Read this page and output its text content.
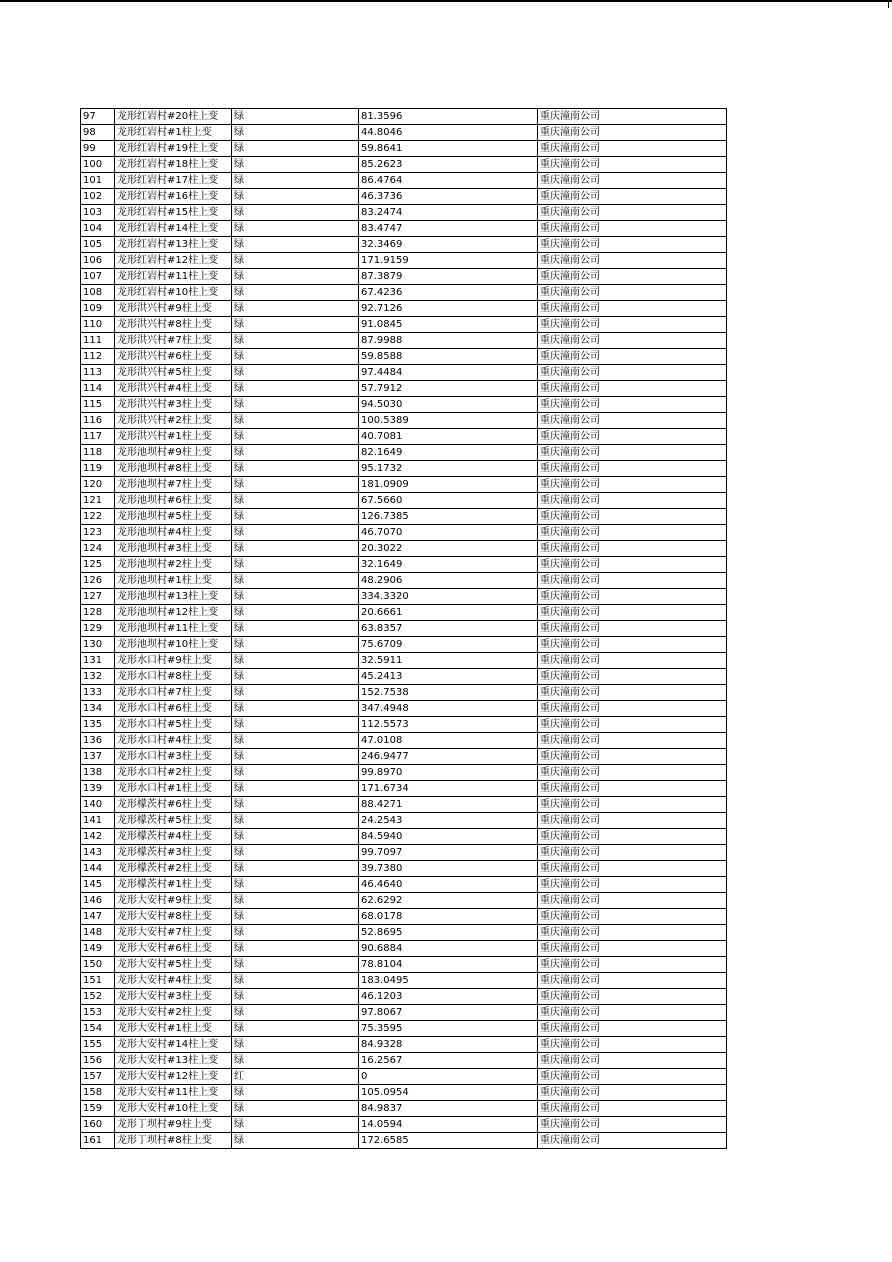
97	龙形红岩村#20柱上变	绿	81.3596	重庆潼南公司
98	龙形红岩村#1柱上变	绿	44.8046	重庆潼南公司
99	龙形红岩村#19柱上变	绿	59.8641	重庆潼南公司
100	龙形红岩村#18柱上变	绿	85.2623	重庆潼南公司
101	龙形红岩村#17柱上变	绿	86.4764	重庆潼南公司
102	龙形红岩村#16柱上变	绿	46.3736	重庆潼南公司
103	龙形红岩村#15柱上变	绿	83.2474	重庆潼南公司
104	龙形红岩村#14柱上变	绿	83.4747	重庆潼南公司
105	龙形红岩村#13柱上变	绿	32.3469	重庆潼南公司
106	龙形红岩村#12柱上变	绿	171.9159	重庆潼南公司
107	龙形红岩村#11柱上变	绿	87.3879	重庆潼南公司
108	龙形红岩村#10柱上变	绿	67.4236	重庆潼南公司
109	龙形洪兴村#9柱上变	绿	92.7126	重庆潼南公司
110	龙形洪兴村#8柱上变	绿	91.0845	重庆潼南公司
111	龙形洪兴村#7柱上变	绿	87.9988	重庆潼南公司
112	龙形洪兴村#6柱上变	绿	59.8588	重庆潼南公司
113	龙形洪兴村#5柱上变	绿	97.4484	重庆潼南公司
114	龙形洪兴村#4柱上变	绿	57.7912	重庆潼南公司
115	龙形洪兴村#3柱上变	绿	94.5030	重庆潼南公司
116	龙形洪兴村#2柱上变	绿	100.5389	重庆潼南公司
117	龙形洪兴村#1柱上变	绿	40.7081	重庆潼南公司
118	龙形池坝村#9柱上变	绿	82.1649	重庆潼南公司
119	龙形池坝村#8柱上变	绿	95.1732	重庆潼南公司
120	龙形池坝村#7柱上变	绿	181.0909	重庆潼南公司
121	龙形池坝村#6柱上变	绿	67.5660	重庆潼南公司
122	龙形池坝村#5柱上变	绿	126.7385	重庆潼南公司
123	龙形池坝村#4柱上变	绿	46.7070	重庆潼南公司
124	龙形池坝村#3柱上变	绿	20.3022	重庆潼南公司
125	龙形池坝村#2柱上变	绿	32.1649	重庆潼南公司
126	龙形池坝村#1柱上变	绿	48.2906	重庆潼南公司
127	龙形池坝村#13柱上变	绿	334.3320	重庆潼南公司
128	龙形池坝村#12柱上变	绿	20.6661	重庆潼南公司
129	龙形池坝村#11柱上变	绿	63.8357	重庆潼南公司
130	龙形池坝村#10柱上变	绿	75.6709	重庆潼南公司
131	龙形水口村#9柱上变	绿	32.5911	重庆潼南公司
132	龙形水口村#8柱上变	绿	45.2413	重庆潼南公司
133	龙形水口村#7柱上变	绿	152.7538	重庆潼南公司
134	龙形水口村#6柱上变	绿	347.4948	重庆潼南公司
135	龙形水口村#5柱上变	绿	112.5573	重庆潼南公司
136	龙形水口村#4柱上变	绿	47.0108	重庆潼南公司
137	龙形水口村#3柱上变	绿	246.9477	重庆潼南公司
138	龙形水口村#2柱上变	绿	99.8970	重庆潼南公司
139	龙形水口村#1柱上变	绿	171.6734	重庆潼南公司
140	龙形檬茨村#6柱上变	绿	88.4271	重庆潼南公司
141	龙形檬茨村#5柱上变	绿	24.2543	重庆潼南公司
142	龙形檬茨村#4柱上变	绿	84.5940	重庆潼南公司
143	龙形檬茨村#3柱上变	绿	99.7097	重庆潼南公司
144	龙形檬茨村#2柱上变	绿	39.7380	重庆潼南公司
145	龙形檬茨村#1柱上变	绿	46.4640	重庆潼南公司
146	龙形大安村#9柱上变	绿	62.6292	重庆潼南公司
147	龙形大安村#8柱上变	绿	68.0178	重庆潼南公司
148	龙形大安村#7柱上变	绿	52.8695	重庆潼南公司
149	龙形大安村#6柱上变	绿	90.6884	重庆潼南公司
150	龙形大安村#5柱上变	绿	78.8104	重庆潼南公司
151	龙形大安村#4柱上变	绿	183.0495	重庆潼南公司
152	龙形大安村#3柱上变	绿	46.1203	重庆潼南公司
153	龙形大安村#2柱上变	绿	97.8067	重庆潼南公司
154	龙形大安村#1柱上变	绿	75.3595	重庆潼南公司
155	龙形大安村#14柱上变	绿	84.9328	重庆潼南公司
156	龙形大安村#13柱上变	绿	16.2567	重庆潼南公司
157	龙形大安村#12柱上变	红	0	重庆潼南公司
158	龙形大安村#11柱上变	绿	105.0954	重庆潼南公司
159	龙形大安村#10柱上变	绿	84.9837	重庆潼南公司
160	龙形丁坝村#9柱上变	绿	14.0594	重庆潼南公司
161	龙形丁坝村#8柱上变	绿	172.6585	重庆潼南公司
